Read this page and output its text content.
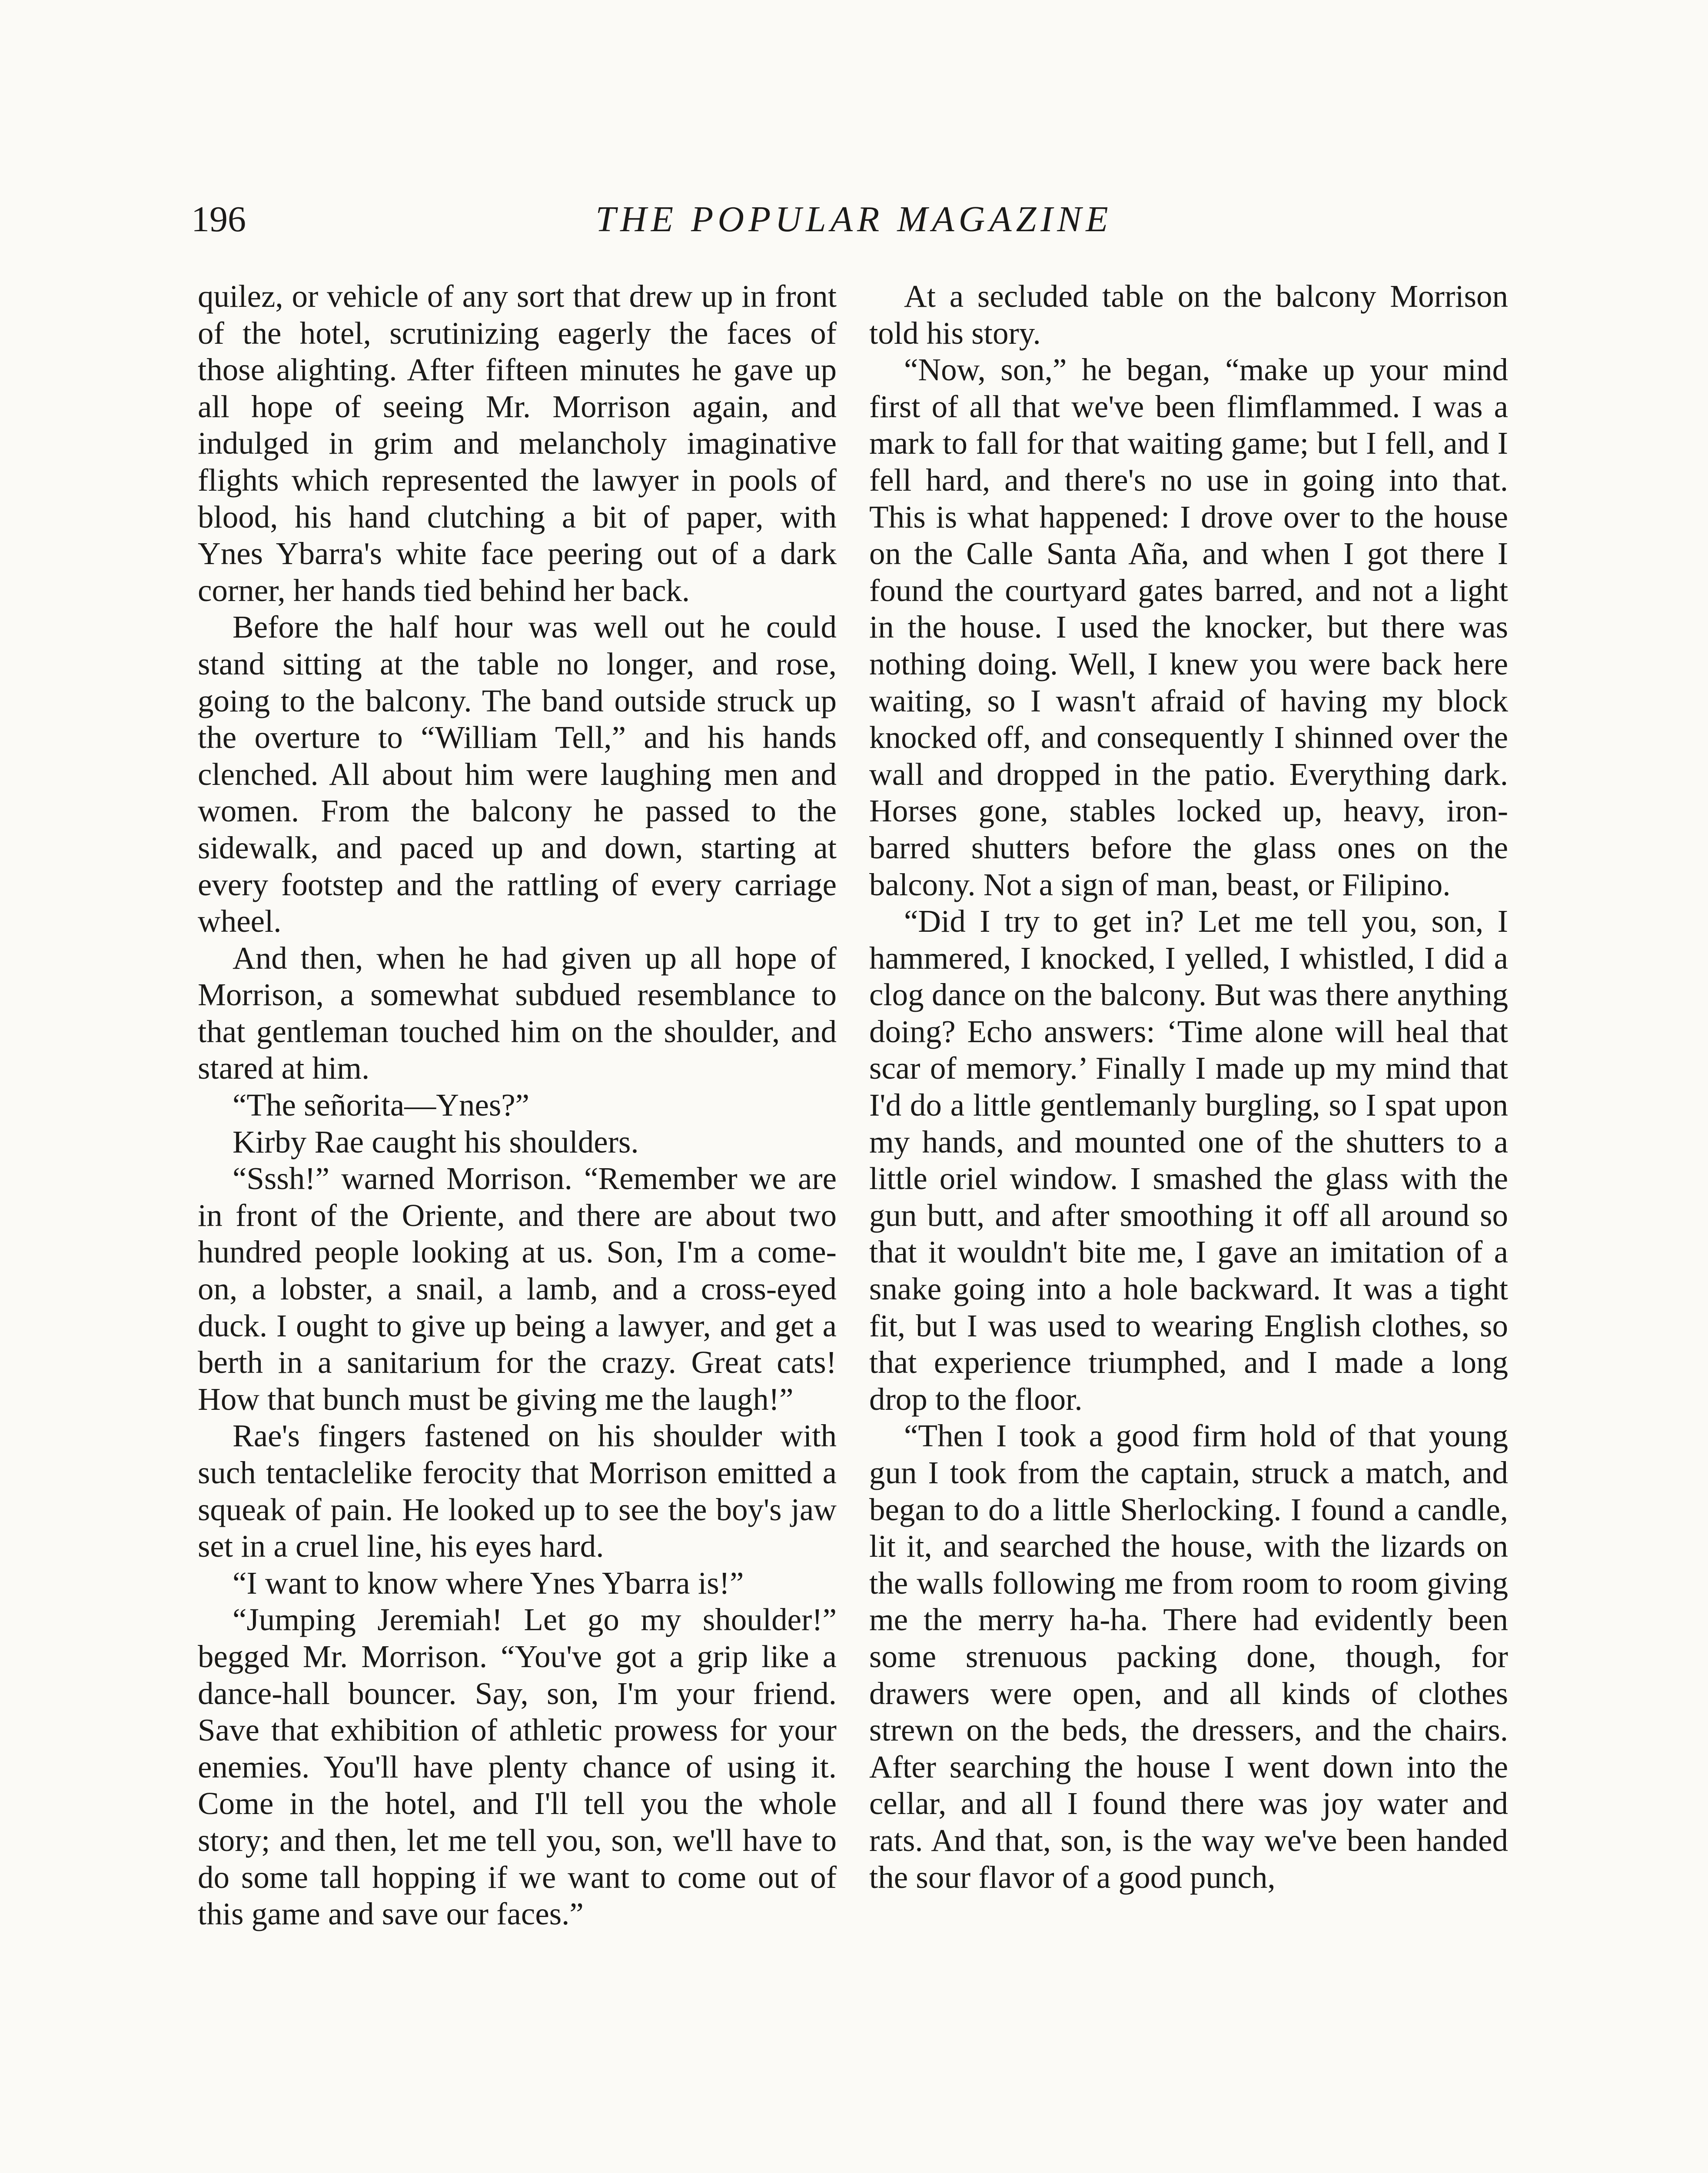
196	THE POPULAR MAGAZINE

quilez, or vehicle of any sort that drew up in front of the hotel, scrutinizing eagerly the faces of those alighting. After fifteen minutes he gave up all hope of seeing Mr. Morrison again, and indulged in grim and melancholy imaginative flights which represented the lawyer in pools of blood, his hand clutching a bit of paper, with Ynes Ybarra's white face peering out of a dark corner, her hands tied behind her back.

Before the half hour was well out he could stand sitting at the table no longer, and rose, going to the balcony. The band outside struck up the overture to “William Tell,” and his hands clenched. All about him were laughing men and women. From the balcony he passed to the sidewalk, and paced up and down, starting at every footstep and the rattling of every carriage wheel.

And then, when he had given up all hope of Morrison, a somewhat subdued resemblance to that gentleman touched him on the shoulder, and stared at him.

“The señorita—Ynes?”

Kirby Rae caught his shoulders.

“Sssh!” warned Morrison. “Remember we are in front of the Oriente, and there are about two hundred people looking at us. Son, I'm a come-on, a lobster, a snail, a lamb, and a cross-eyed duck. I ought to give up being a lawyer, and get a berth in a sanitarium for the crazy. Great cats! How that bunch must be giving me the laugh!”

Rae's fingers fastened on his shoulder with such tentaclelike ferocity that Morrison emitted a squeak of pain. He looked up to see the boy's jaw set in a cruel line, his eyes hard.

“I want to know where Ynes Ybarra is!”

“Jumping Jeremiah! Let go my shoulder!” begged Mr. Morrison. “You've got a grip like a dance-hall bouncer. Say, son, I'm your friend. Save that exhibition of athletic prowess for your enemies. You'll have plenty chance of using it. Come in the hotel, and I'll tell you the whole story; and then, let me tell you, son, we'll have to do some tall hopping if we want to come out of this game and save our faces.”

At a secluded table on the balcony Morrison told his story.

“Now, son,” he began, “make up your mind first of all that we've been flimflammed. I was a mark to fall for that waiting game; but I fell, and I fell hard, and there's no use in going into that. This is what happened: I drove over to the house on the Calle Santa Aña, and when I got there I found the courtyard gates barred, and not a light in the house. I used the knocker, but there was nothing doing. Well, I knew you were back here waiting, so I wasn't afraid of having my block knocked off, and consequently I shinned over the wall and dropped in the patio. Everything dark. Horses gone, stables locked up, heavy, iron-barred shutters before the glass ones on the balcony. Not a sign of man, beast, or Filipino.

“Did I try to get in? Let me tell you, son, I hammered, I knocked, I yelled, I whistled, I did a clog dance on the balcony. But was there anything doing? Echo answers: ‘Time alone will heal that scar of memory.’ Finally I made up my mind that I'd do a little gentlemanly burgling, so I spat upon my hands, and mounted one of the shutters to a little oriel window. I smashed the glass with the gun butt, and after smoothing it off all around so that it wouldn't bite me, I gave an imitation of a snake going into a hole backward. It was a tight fit, but I was used to wearing English clothes, so that experience triumphed, and I made a long drop to the floor.

“Then I took a good firm hold of that young gun I took from the captain, struck a match, and began to do a little Sherlocking. I found a candle, lit it, and searched the house, with the lizards on the walls following me from room to room giving me the merry ha-ha. There had evidently been some strenuous packing done, though, for drawers were open, and all kinds of clothes strewn on the beds, the dressers, and the chairs. After searching the house I went down into the cellar, and all I found there was joy water and rats. And that, son, is the way we've been handed the sour flavor of a good punch,
